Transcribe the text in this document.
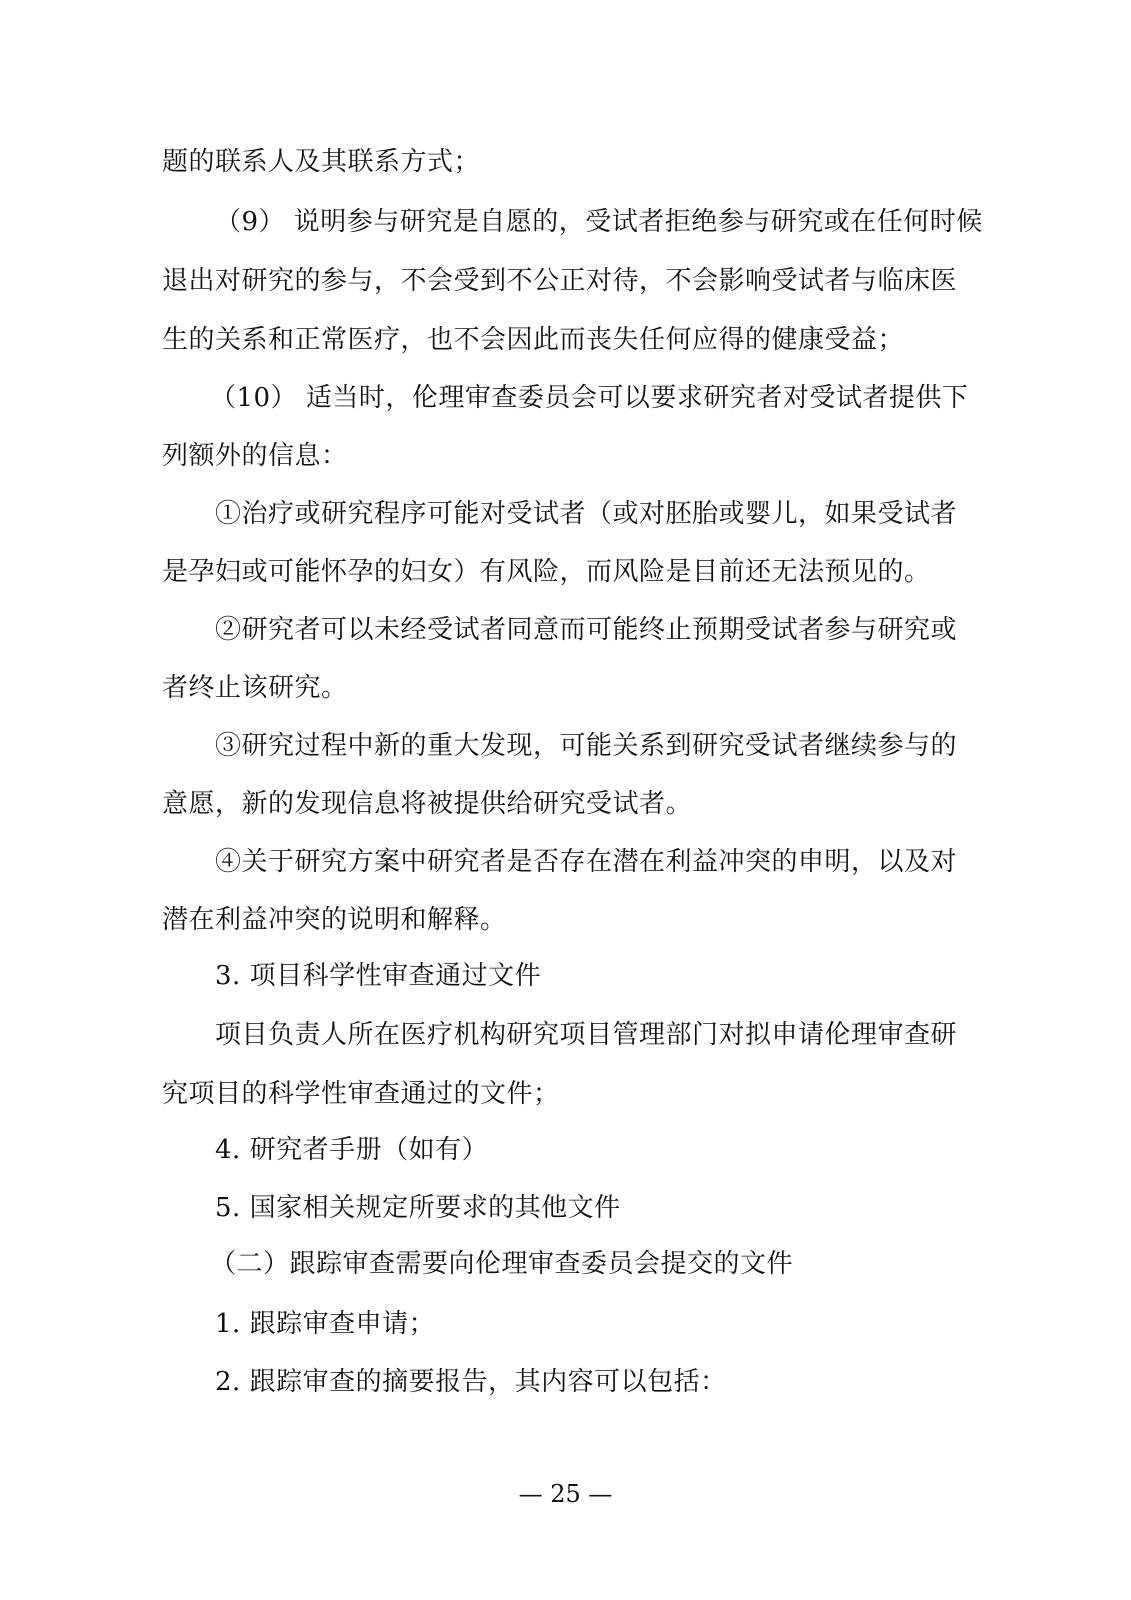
题的联系人及其联系方式；
（9） 说明参与研究是自愿的，受试者拒绝参与研究或在任何时候
退出对研究的参与，不会受到不公正对待，不会影响受试者与临床医
生的关系和正常医疗，也不会因此而丧失任何应得的健康受益；
（10） 适当时，伦理审查委员会可以要求研究者对受试者提供下
列额外的信息：
①治疗或研究程序可能对受试者（或对胚胎或婴儿，如果受试者
是孕妇或可能怀孕的妇女）有风险，而风险是目前还无法预见的。
②研究者可以未经受试者同意而可能终止预期受试者参与研究或
者终止该研究。
③研究过程中新的重大发现，可能关系到研究受试者继续参与的
意愿，新的发现信息将被提供给研究受试者。
④关于研究方案中研究者是否存在潜在利益冲突的申明，以及对
潜在利益冲突的说明和解释。
3. 项目科学性审查通过文件
项目负责人所在医疗机构研究项目管理部门对拟申请伦理审查研
究项目的科学性审查通过的文件；
4. 研究者手册（如有）
5. 国家相关规定所要求的其他文件
（二）跟踪审查需要向伦理审查委员会提交的文件
1. 跟踪审查申请；
2. 跟踪审查的摘要报告，其内容可以包括：
— 25 —
